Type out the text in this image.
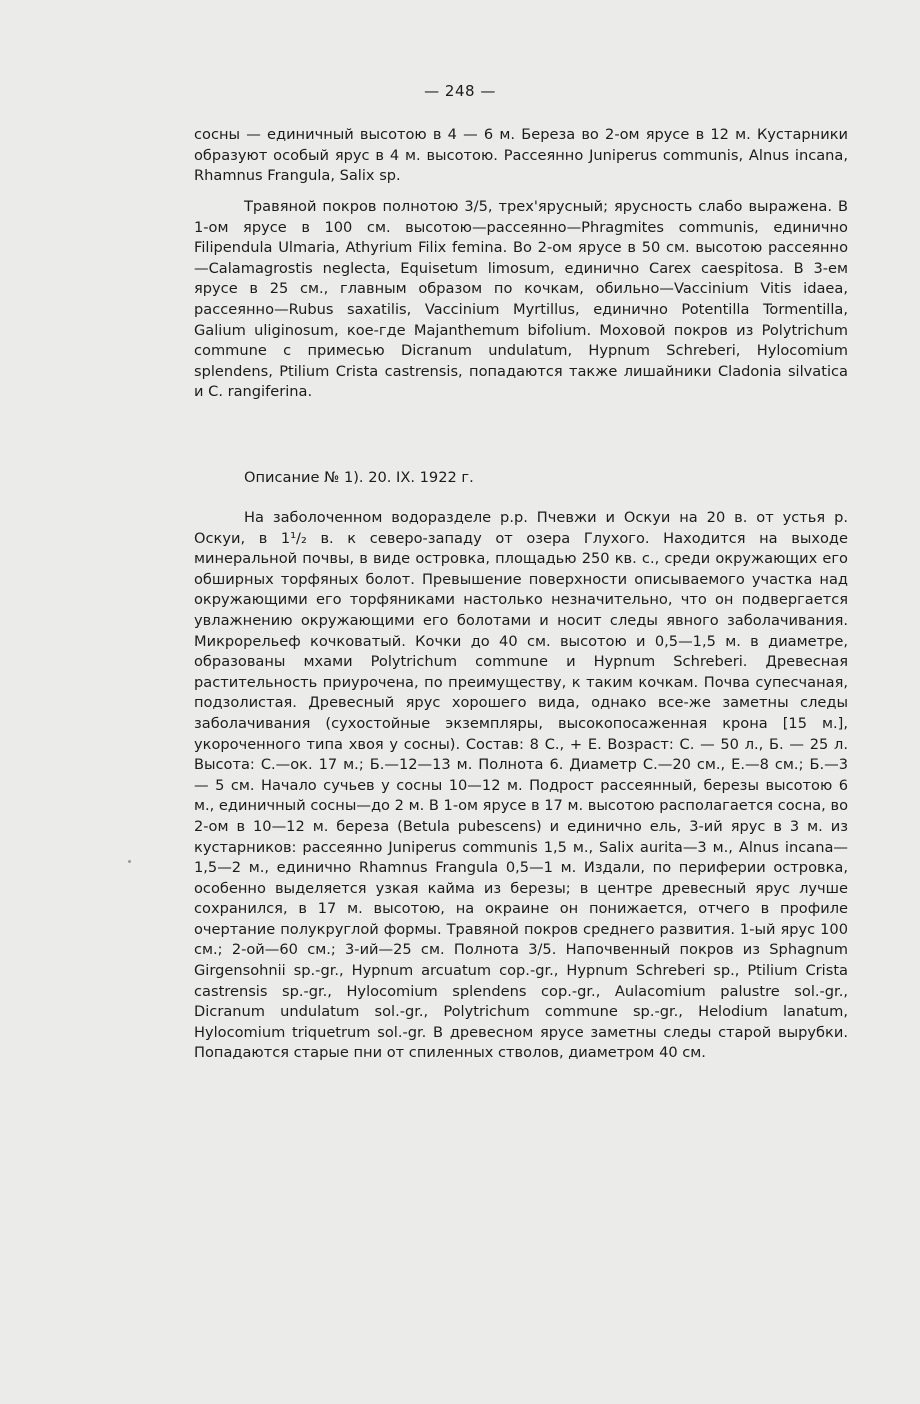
— 248 —

сосны — единичный высотою в 4 — 6 м. Береза во 2-ом ярусе в 12 м. Кустарники образуют особый ярус в 4 м. высотою. Рассеянно Juniperus communis, Alnus incana, Rhamnus Frangula, Salix sp.

Травяной покров полнотою 3/5, трех'ярусный; ярусность слабо выражена. В 1-ом ярусе в 100 см. высотою—рассеянно—Phragmites communis, единично Filipendula Ulmaria, Athyrium Filix femina. Во 2-ом ярусе в 50 см. высотою рассеянно—Calamagrostis neglecta, Equisetum limosum, единично Carex caespitosa. В 3-ем ярусе в 25 см., главным образом по кочкам, обильно—Vaccinium Vitis idaea, рассеянно—Rubus saxatilis, Vaccinium Myrtillus, единично Potentilla Tormentilla, Galium uliginosum, кое-где Majanthemum bifolium. Моховой покров из Polytrichum commune с примесью Dicranum undulatum, Hypnum Schreberi, Hylocomium splendens, Ptilium Crista castrensis, попадаются также лишайники Cladonia silvatica и C. rangiferina.

Описание № 1). 20. IX. 1922 г.

На заболоченном водоразделе р.р. Пчевжи и Оскуи на 20 в. от устья р. Оскуи, в 1¹/₂ в. к северо-западу от озера Глухого. Находится на выходе минеральной почвы, в виде островка, площадью 250 кв. с., среди окружающих его обширных торфяных болот. Превышение поверхности описываемого участка над окружающими его торфяниками настолько незначительно, что он подвергается увлажнению окружающими его болотами и носит следы явного заболачивания. Микрорельеф кочковатый. Кочки до 40 см. высотою и 0,5—1,5 м. в диаметре, образованы мхами Polytrichum commune и Hypnum Schreberi. Древесная растительность приурочена, по преимуществу, к таким кочкам. Почва супесчаная, подзолистая. Древесный ярус хорошего вида, однако все-же заметны следы заболачивания (сухостойные экземпляры, высокопосаженная крона [15 м.], укороченного типа хвоя у сосны). Состав: 8 С., + Е. Возраст: С. — 50 л., Б. — 25 л. Высота: С.—ок. 17 м.; Б.—12—13 м. Полнота 6. Диаметр С.—20 см., Е.—8 см.; Б.—3 — 5 см. Начало сучьев у сосны 10—12 м. Подрост рассеянный, березы высотою 6 м., единичный сосны—до 2 м. В 1-ом ярусе в 17 м. высотою располагается сосна, во 2-ом в 10—12 м. береза (Betula pubescens) и единично ель, 3-ий ярус в 3 м. из кустарников: рассеянно Juniperus communis 1,5 м., Salix aurita—3 м., Alnus incana—1,5—2 м., единично Rhamnus Frangula 0,5—1 м. Издали, по периферии островка, особенно выделяется узкая кайма из березы; в центре древесный ярус лучше сохранился, в 17 м. высотою, на окраине он понижается, отчего в профиле очертание полукруглой формы. Травяной покров среднего развития. 1-ый ярус 100 см.; 2-ой—60 см.; 3-ий—25 см. Полнота 3/5. Напочвенный покров из Sphagnum Girgensohnii sp.-gr., Hypnum arcuatum cop.-gr., Hypnum Schreberi sp., Ptilium Crista castrensis sp.-gr., Hylocomium splendens cop.-gr., Aulacomium palustre sol.-gr., Dicranum undulatum sol.-gr., Polytrichum commune sp.-gr., Helodium lanatum, Hylocomium triquetrum sol.-gr. В древесном ярусе заметны следы старой вырубки. Попадаются старые пни от спиленных стволов, диаметром 40 см.
